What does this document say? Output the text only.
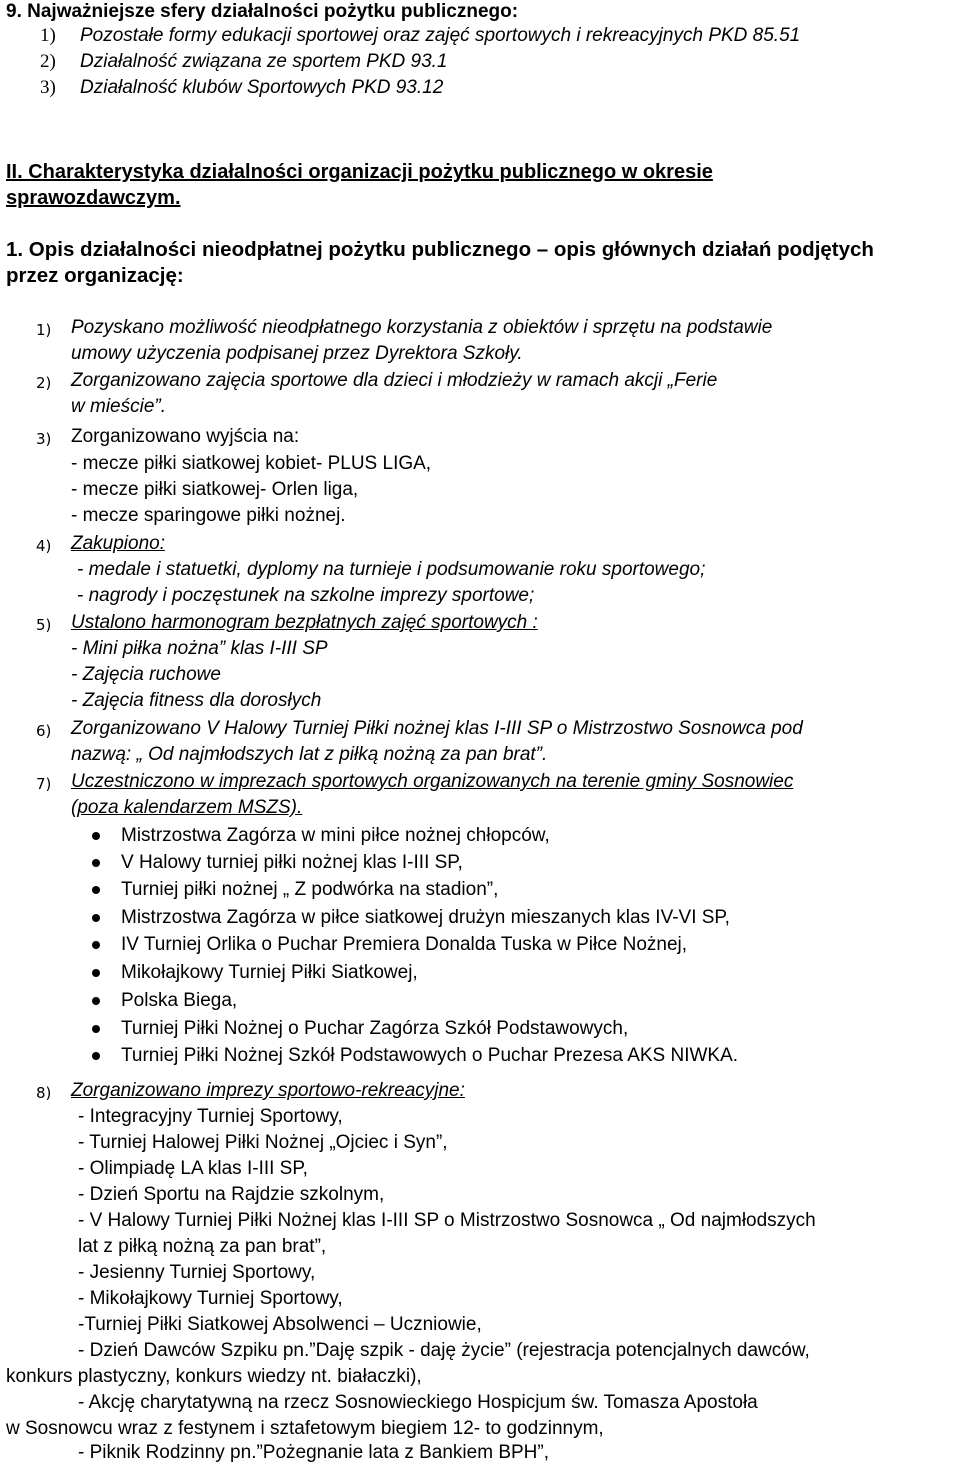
9. Najważniejsze sfery działalności pożytku publicznego:
1) Pozostałe formy edukacji sportowej oraz zajęć sportowych i rekreacyjnych PKD 85.51
2) Działalność związana ze sportem PKD 93.1
3) Działalność klubów Sportowych PKD 93.12
II. Charakterystyka działalności organizacji pożytku publicznego w okresie
sprawozdawczym.
1. Opis działalności nieodpłatnej pożytku publicznego – opis głównych działań podjętych
przez organizację:
1) Pozyskano możliwość nieodpłatnego korzystania z obiektów i sprzętu na podstawie
umowy użyczenia podpisanej przez Dyrektora Szkoły.
2) Zorganizowano zajęcia sportowe dla dzieci i młodzieży w ramach akcji „Ferie
w mieście”.
3) Zorganizowano wyjścia na:
- mecze piłki siatkowej kobiet- PLUS LIGA,
- mecze piłki siatkowej- Orlen liga,
- mecze sparingowe piłki nożnej.
4) Zakupiono:
- medale i statuetki, dyplomy na turnieje i podsumowanie roku sportowego;
- nagrody i poczęstunek na szkolne imprezy sportowe;
5) Ustalono harmonogram bezpłatnych zajęć sportowych :
- Mini piłka nożna” klas I-III SP
- Zajęcia ruchowe
- Zajęcia fitness dla dorosłych
6) Zorganizowano V Halowy Turniej Piłki nożnej klas I-III SP o Mistrzostwo Sosnowca pod
nazwą: „ Od najmłodszych lat z piłką nożną za pan brat”.
7) Uczestniczono w imprezach sportowych organizowanych na terenie gminy Sosnowiec
(poza kalendarzem MSZS).
Mistrzostwa Zagórza w mini piłce nożnej chłopców,
V Halowy turniej piłki nożnej klas I-III SP,
Turniej piłki nożnej „ Z podwórka na stadion”,
Mistrzostwa Zagórza w piłce siatkowej drużyn mieszanych klas IV-VI SP,
IV Turniej Orlika o Puchar Premiera Donalda Tuska w Piłce Nożnej,
Mikołajkowy Turniej Piłki Siatkowej,
Polska Biega,
Turniej Piłki Nożnej o Puchar Zagórza Szkół Podstawowych,
Turniej Piłki Nożnej Szkół Podstawowych o Puchar Prezesa AKS NIWKA.
8) Zorganizowano imprezy sportowo-rekreacyjne:
- Integracyjny Turniej Sportowy,
- Turniej Halowej Piłki Nożnej „Ojciec i Syn”,
- Olimpiadę LA klas I-III SP,
- Dzień Sportu na Rajdzie szkolnym,
- V Halowy Turniej Piłki Nożnej klas I-III SP o Mistrzostwo Sosnowca „ Od najmłodszych
lat z piłką nożną za pan brat”,
- Jesienny Turniej Sportowy,
- Mikołajkowy Turniej Sportowy,
-Turniej Piłki Siatkowej Absolwenci – Uczniowie,
- Dzień Dawców Szpiku pn.”Daję szpik - daję życie” (rejestracja potencjalnych dawców,
konkurs plastyczny, konkurs wiedzy nt. białaczki),
- Akcję charytatywną na rzecz Sosnowieckiego Hospicjum św. Tomasza Apostoła
w Sosnowcu wraz z festynem i sztafetowym biegiem 12- to godzinnym,
- Piknik Rodzinny pn.”Pożegnanie lata z Bankiem BPH”,
